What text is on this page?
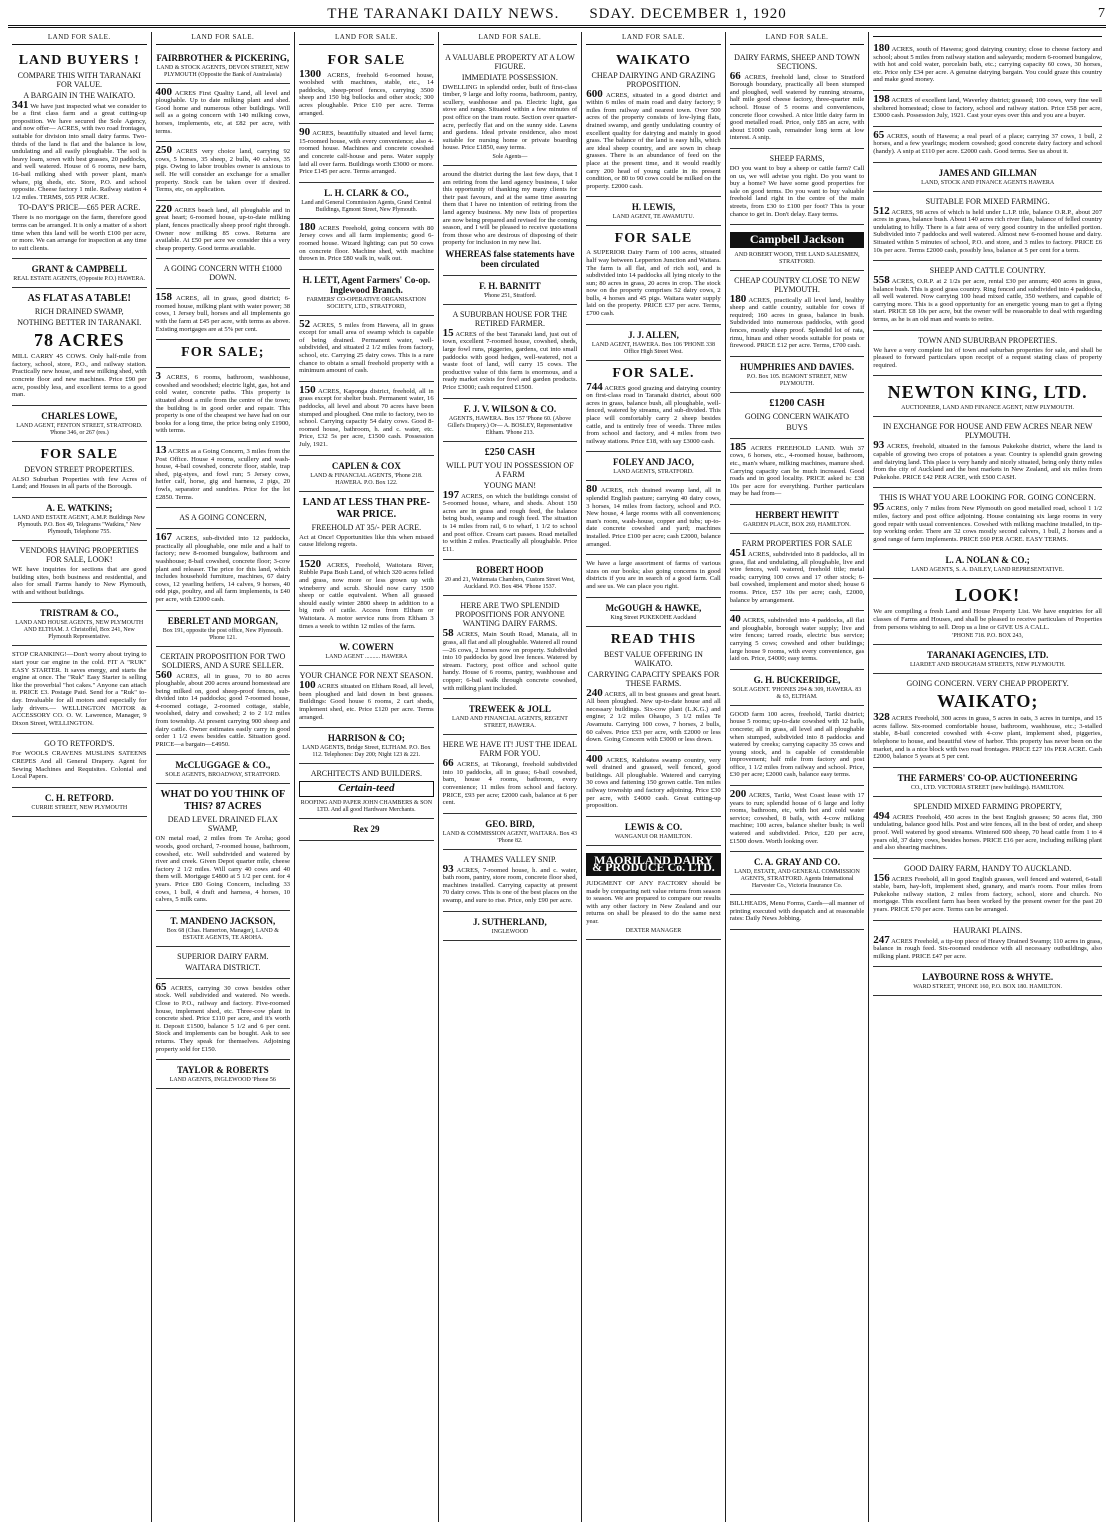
THE TARANAKI DAILY NEWS. SDAY. DECEMBER 1, 1920	7
LAND FOR SALE.
LAND BUYERS !
COMPARE THIS WITH TARANAKI FOR VALUE.
A BARGAIN IN THE WAIKATO.

341 We have just inspected what we consider to be a first class farm and a great cutting-up proposition. We have secured the Sole Agency, and now offer— ACRES, with two road frontages, suitable for division into small dairy farms. Two-thirds of the land is flat and the balance is low, undulating and all easily ploughable. The soil is heavy loam, sown with best grasses, 20 paddocks, and well watered. House of 6 rooms, new barn, 16-bail milking shed with power plant, man's whare, pig sheds, etc. Store, P.O. and school opposite. Cheese factory 1 mile. Railway station 4 1/2 miles. TERMS, £65 PER ACRE.

TO-DAY'S PRICE—£65 PER ACRE.

There is no mortgage on the farm, therefore good terms can be arranged. It is only a matter of a short time when this land will be worth £100 per acre, or more. We can arrange for inspection at any time to suit clients.

GRANT & CAMPBELL
REAL ESTATE AGENTS, (Opposite P.O.) HAWERA.
AS FLAT AS A TABLE!
RICH DRAINED SWAMP,
NOTHING BETTER IN TARANAKI.
78 ACRES

MILL CARRY 45 COWS. Only half-mile from factory, school, store, P.O., and railway station. Practically new house, and new milking shed, with concrete floor and new machines. Price £90 per acre, possibly less, and excellent terms to a good man.

CHARLES LOWE,
LAND AGENT, FENTON STREET, STRATFORD. 'Phone 346, or 267 (res.)
FOR SALE
DEVON STREET PROPERTIES.

ALSO Suburban Properties with few Acres of Land; and Houses in all parts of the Borough.

A. E. WATKINS;
LAND AND ESTATE AGENT, A.M.P. Buildings New Plymouth. P.O. Box 49, Telegrams "Watkins," New Plymouth, Telephone 755.
VENDORS HAVING PROPERTIES FOR SALE, LOOK!

WE have inquiries for sections that are good building sites, both business and residential, and also for small Farms handy to New Plymouth, with and without buildings.

TRISTRAM & CO.,
LAND AND HOUSE AGENTS, NEW PLYMOUTH AND ELTHAM. J. Christoffel, Box 241, New Plymouth Representative.

STOP CRANKING!—Don't worry about trying to start your car engine in the cold. FIT A "RUK" EASY STARTER. It saves energy, and starts the engine at once. The "Ruk" Easy Starter is selling like the proverbial "hot cakes." Anyone can attach it. PRICE £3. Postage Paid. Send for a "Ruk" to-day. Invaluable for all motors and especially for lady drivers.— WELLINGTON MOTOR & ACCESSORY CO. O. W. Lawrence, Manager, 9 Dixon Street, WELLINGTON.

GO TO RETFORD'S.

For WOOLS CRAVENS MUSLINS SATEENS CREPES And all General Drapery. Agent for Sewing Machines and Requisites. Colonial and Local Papers.

C. H. RETFORD.
CURRIE STREET, NEW PLYMOUTH
LAND FOR SALE.
FAIRBROTHER & PICKERING,
LAND & STOCK AGENTS, DEVON STREET, NEW PLYMOUTH (Opposite the Bank of Australasia)

400 ACRES First Quality Land, all level and ploughable. Up to date milking plant and shed. Good home and numerous other buildings. Will sell as a going concern with 140 milking cows, horses, implements, etc, at £82 per acre, with terms.

250 ACRES very choice land, carrying 92 cows, 5 horses, 35 sheep, 2 bulls, 40 calves, 35 pigs. Owing to labor troubles owner is anxious to sell. He will consider an exchange for a smaller property. Stock can be taken over if desired. Terms, etc, on application.

220 ACRES beach land, all ploughable and in great heart; 6-roomed house, up-to-date milking plant, fences practically sheep proof right through. Owner now milking 85 cows. Returns are available. At £50 per acre we consider this a very cheap property. Good terms available.

A GOING CONCERN WITH £1000 DOWN.

158 ACRES, all in grass, good district; 6-roomed house, milking plant with water power; 38 cows, 1 Jersey bull, horses and all implements go with the farm at £45 per acre, with terms as above. Existing mortgages are at 5% per cent.

FOR SALE;

3 ACRES, 6 rooms, bathroom, washhouse, cowshed and woodshed; electric light, gas, hot and cold water, concrete paths. This property is situated about a mile from the centre of the town; the building is in good order and repair. This property is one of the cheapest we have had on our books for a long time, the price being only £1900, with terms.

13 ACRES as a Going Concern, 3 miles from the Post Office. House 4 rooms, scullery and wash-house, 4-bail cowshed, concrete floor, stable, trap shed, pig-styes, and fowl run; 5 Jersey cows, heifer calf, horse, gig and harness, 2 pigs, 20 fowls, separator and sundries. Price for the lot £2850. Terms.

AS A GOING CONCERN,

167 ACRES, sub-divided into 12 paddocks, practically all ploughable, one mile and a half to factory; new 8-roomed bungalow, bathroom and washhouse; 8-bail cowshed, concrete floor; 3-cow plant and releaser. The price for this land, which includes household furniture, machines, 67 dairy cows, 12 yearling heifers, 14 calves, 9 horses, 40 odd pigs, poultry, and all farm implements, is £40 per acre, with £2000 cash.

EBERLET AND MORGAN,
Box 191, opposite the post office, New Plymouth. 'Phone 121.
CERTAIN PROPOSITION FOR TWO SOLDIERS, AND A SURE SELLER.

560 ACRES, all in grass, 70 to 80 acres ploughable, about 200 acres around homestead are being milked on, good sheep-proof fences, sub-divided into 14 paddocks; good 7-roomed house, 4-roomed cottage, 2-roomed cottage, stable, woolshed, dairy and cowshed; 2 to 2 1/2 miles from township. At present carrying 900 sheep and dairy cattle. Owner estimates easily carry in good order 1 1/2 ewes besides cattle. Situation good. PRICE—a bargain—£4950.

McCLUGGAGE & CO.,
SOLE AGENTS, BROADWAY, STRATFORD.
WHAT DO YOU THINK OF THIS? 87 ACRES
DEAD LEVEL DRAINED FLAX SWAMP,

ON metal road, 2 miles from Te Aroha; good woods, good orchard, 7-roomed house, bathroom, cowshed, etc. Well subdivided and watered by river and creek. Given Depot quarter mile, cheese factory 2 1/2 miles. Will carry 40 cows and 40 them will. Mortgage £4800 at 5 1/2 per cent. for 4 years. Price £80 Going Concern, including 33 cows, 1 bull, 4 draft and harness, 4 horses, 10 calves, 5 milk cans.

T. MANDENO JACKSON,
Box 68 (Chas. Hamerton, Manager), LAND & ESTATE AGENTS, TE AROHA.
SUPERIOR DAIRY FARM.
WAITARA DISTRICT.

65 ACRES, carrying 30 cows besides other stock. Well subdivided and watered. No weeds. Close to P.O., railway and factory. Five-roomed house, implement shed, etc. Three-cow plant in concrete shed. Price £110 per acre, and it's worth it. Deposit £1500, balance 5 1/2 and 6 per cent. Stock and implements can be bought. Ask to see returns. They speak for themselves. Adjoining property sold for £150.

TAYLOR & ROBERTS
LAND AGENTS, INGLEWOOD 'Phone 56
LAND FOR SALE.
FOR SALE

1300 ACRES, freehold 6-roomed house, woolshed with machines, stable, etc., 14 paddocks, sheep-proof fences, carrying 3500 sheep and 150 big bullocks and other stock; 300 acres ploughable. Price £10 per acre. Terms arranged.

90 ACRES, beautifully situated and level farm; 15-roomed house, with every convenience; also 4-roomed house. Machines and concrete cowshed and concrete calf-house and pens. Water supply laid all over farm. Buildings worth £3000 or more. Price £145 per acre. Terms arranged.

L. H. CLARK & CO.,
Land and General Commission Agents, Grand Central Buildings, Egmont Street, New Plymouth.

180 ACRES Freehold, going concern with 80 Jersey cows and all farm implements; good 6-roomed house. Wizard lighting; can put 50 cows on concrete floor. Machine shed, with machine thrown in. Price £80 walk in, walk out.

H. LETT, Agent Farmers' Co-op. Inglewood Branch.
FARMERS' CO-OPERATIVE ORGANISATION SOCIETY, LTD., STRATFORD,

52 ACRES, 5 miles from Hawera, all in grass except for small area of swamp which is capable of being drained. Permanent water, well-subdivided, and situated 2 1/2 miles from factory, school, etc. Carrying 25 dairy cows. This is a rare chance to obtain a small freehold property with a minimum amount of cash.

150 ACRES, Kaponga district, freehold, all in grass except for shelter bush. Permanent water, 16 paddocks, all level and about 70 acres have been stumped and ploughed. One mile to factory, two to school. Carrying capacity 54 dairy cows. Good 8-roomed house, bathroom, h. and c. water, etc. Price, £32 5s per acre, £1500 cash. Possession July, 1921.

CAPLEN & COX
LAND & FINANCIAL AGENTS, 'Phone 218. HAWERA. P.O. Box 122.
LAND AT LESS THAN PRE-WAR PRICE.
FREEHOLD AT 35/- PER ACRE.

Act at Once! Opportunities like this when missed cause lifelong regrets.

1520 ACRES, Freehold, Waitotara River, Rubble Papa Bush Land, of which 320 acres felled and grass, now more or less grown up with wineberry and scrub. Should now carry 1500 sheep or cattle equivalent. When all grassed should easily winter 2800 sheep in addition to a big mob of cattle. Access from Eltham or Waitotara. A motor service runs from Eltham 3 times a week to within 12 miles of the farm.

W. COWERN
LAND AGENT .......... HAWERA
YOUR CHANCE FOR NEXT SEASON.

100 ACRES situated on Eltham Road, all level, been ploughed and laid down in best grasses. Buildings: Good house 6 rooms, 2 cart sheds, implement shed, etc. Price £120 per acre. Terms arranged.

HARRISON & CO;
LAND AGENTS, Bridge Street, ELTHAM. P.O. Box 112. Telephones: Day 200; Night 123 & 221.
ARCHITECTS AND BUILDERS.
Certain-teed
ROOFING AND PAPER JOHN CHAMBERS & SON LTD. And all good Hardware Merchants.
Rex 29
LAND FOR SALE.
A VALUABLE PROPERTY AT A LOW FIGURE.
IMMEDIATE POSSESSION.

DWELLING in splendid order, built of first-class timber, 9 large and lofty rooms, bathroom, pantry, scullery, washhouse and pa. Electric light, gas stove and range. Situated within a few minutes of post office on the tram route. Section over quarter-acre, perfectly flat and on the sunny side. Lawns and gardens. Ideal private residence, also most suitable for nursing home or private boarding house. Price £1850, easy terms.

Sole Agents—

around the district during the last few days, that I am retiring from the land agency business, I take this opportunity of thanking my many clients for their past favours, and at the same time assuring them that I have no intention of retiring from the land agency business. My new lists of properties are now being prepared and revised for the coming season, and I will be pleased to receive quotations from those who are desirous of disposing of their property for inclusion in my new list.

WHEREAS false statements have been circulated
F. H. BARNITT
'Phone 251, Stratford.
A SUBURBAN HOUSE FOR THE RETIRED FARMER.

15 ACRES of the best Taranaki land, just out of town, excellent 7-roomed house, cowshed, sheds, large fowl runs, piggeries, gardens, cut into small paddocks with good hedges, well-watered, not a waste foot of land, will carry 15 cows. The productive value of this farm is enormous, and a ready market exists for fowl and garden products. Price £3000; cash required £1500.

F. J. V. WILSON & CO.
AGENTS, HAWERA. Box 157 'Phone 60. (Above Gillet's Drapery.) Or— A. BOSLEY, Representative Eltham. 'Phone 213.
£250 CASH
WILL PUT YOU IN POSSESSION OF A FARM
YOUNG MAN!

197 ACRES, on which the buildings consist of 5-roomed house, whare, and sheds. About 150 acres are in grass and rough feed, the balance being bush, swamp and rough feed. The situation is 14 miles from rail, 6 to wharf, 1 1/2 to school and post office. Cream cart passes. Road metalled to within 2 miles. Practically all ploughable. Price £11.

ROBERT HOOD
20 and 21, Waitemata Chambers, Custom Street West, Auckland. P.O. Box 484. 'Phone 1537.
HERE ARE TWO SPLENDID PROPOSITIONS FOR ANYONE WANTING DAIRY FARMS.

58 ACRES, Main South Road, Manaia, all in grass, all flat and all ploughable. Watered all round—26 cows, 2 horses now on property. Subdivided into 10 paddocks by good live fences. Watered by stream. Factory, post office and school quite handy. House of 6 rooms, pantry, washhouse and copper; 6-bail walk through concrete cowshed, with milking plant included.

TREWEEK & JOLL
LAND AND FINANCIAL AGENTS, REGENT STREET, HAWERA.
HERE WE HAVE IT! JUST THE IDEAL FARM FOR YOU.

66 ACRES, at Tikorangi, freehold subdivided into 10 paddocks, all in grass; 6-bail cowshed, barn, house 4 rooms, bathroom, every convenience; 11 miles from school and factory. PRICE, £93 per acre; £2000 cash, balance at 6 per cent.

GEO. BIRD,
LAND & COMMISSION AGENT, WAITARA. Box 43 'Phone 82.
A THAMES VALLEY SNIP.

93 ACRES, 7-roomed house, h. and c. water, bath room, pantry, store room, concrete floor shed, machines installed. Carrying capacity at present 70 dairy cows. This is one of the best places on the swamp, and sure to rise. Price, only £90 per acre.

J. SUTHERLAND,
INGLEWOOD
LAND FOR SALE.
WAIKATO
CHEAP DAIRYING AND GRAZING PROPOSITION.

600 ACRES, situated in a good district and within 6 miles of main road and dairy factory; 9 miles from railway and nearest town. Over 500 acres of the property consists of low-lying flats, drained swamp, and gently undulating country of excellent quality for dairying and mainly in good grass. The balance of the land is easy hills, which are ideal sheep country, and are sown in cheap grasses. There is an abundance of feed on the place at the present time, and it would readily carry 200 head of young cattle in its present condition, or 80 to 90 cows could be milked on the property. £2000 cash.

H. LEWIS,
LAND AGENT, TE AWAMUTU.
FOR SALE

A SUPERIOR Dairy Farm of 100 acres, situated half way between Lepperton Junction and Waitara. The farm is all flat, and of rich soil, and is subdivided into 14 paddocks all lying nicely to the sun; 80 acres in grass, 20 acres in crop. The stock now on the property comprises 52 dairy cows, 2 bulls, 4 horses and 45 pigs. Waitara water supply laid on the property. PRICE £37 per acre. Terms, £700 cash.

J. J. ALLEN,
LAND AGENT, HAWERA. Box 106 'PHONE 338 Office High Street West.
FOR SALE.

744 ACRES good grazing and dairying country on first-class road in Taranaki district, about 600 acres in grass, balance bush, all ploughable, well-fenced, watered by streams, and sub-divided. This place will comfortably carry 2 sheep besides cattle, and is entirely free of weeds. Three miles from school and factory, and 4 miles from two railway stations. Price £18, with say £3000 cash.

FOLEY AND JACO,
LAND AGENTS, STRATFORD.

80 ACRES, rich drained swamp land, all in splendid English pasture; carrying 40 dairy cows, 3 horses, 14 miles from factory, school and P.O. New house, 4 large rooms with all conveniences; man's room, wash-house, copper and tubs; up-to-date concrete cowshed and yard; machines installed. Price £100 per acre; cash £2000, balance arranged.

We have a large assortment of farms of various sizes on our books; also going concerns in good districts if you are in search of a good farm. Call and see us. We can place you right.

McGOUGH & HAWKE,
King Street PUKEKOHE Auckland
READ THIS
BEST VALUE OFFERING IN WAIKATO.
CARRYING CAPACITY SPEAKS FOR THESE FARMS.

240 ACRES, all in best grasses and great heart. All been ploughed. New up-to-date house and all necessary buildings. Six-cow plant (L.K.G.) and engine; 2 1/2 miles Ohaupo, 3 1/2 miles Te Awamutu. Carrying 100 cows, 7 horses, 2 bulls, 60 calves. Price £53 per acre, with £2000 or less down. Going Concern with £3000 or less down.

400 ACRES, Kahikatea swamp country, very well drained and grassed, well fenced, good buildings. All ploughable. Watered and carrying 30 cows and fattening 150 grown cattle. Ten miles railway township and factory adjoining. Price £30 per acre, with £4000 cash. Great cutting-up proposition.

LEWIS & CO.
WANGANUI OR HAMILTON.
MAORILAND DAIRY & PRODUCE Co. LTD.

JUDGMENT OF ANY FACTORY should be made by comparing nett value returns from season to season. We are prepared to compare our results with any other factory in New Zealand and our returns on shall be pleased to do the same next year.

DEXTER MANAGER
LAND FOR SALE.
DAIRY FARMS, SHEEP AND TOWN SECTIONS.

66 ACRES, freehold land, close to Stratford Borough boundary, practically all been stumped and ploughed, well watered by running streams, half mile good cheese factory, three-quarter mile school. House of 5 rooms and conveniences, concrete floor cowshed. A nice little dairy farm in good metalled road. Price, only £85 an acre, with about £1000 cash, remainder long term at low interest. A snip.

SHEEP FARMS,

DO you want to buy a sheep or cattle farm? Call on us, we will advise you right. Do you want to buy a home? We have some good properties for sale on good terms. Do you want to buy valuable freehold land right in the centre of the main streets, from £30 to £100 per foot? This is your chance to get in. Don't delay. Easy terms.

Campbell Jackson
AND ROBERT WOOD, THE LAND SALESMEN, STRATFORD.
CHEAP COUNTRY CLOSE TO NEW PLYMOUTH.

180 ACRES, practically all level land, healthy sheep and cattle country, suitable for cows if required; 160 acres in grass, balance in bush. Subdivided into numerous paddocks, with good fences, mostly sheep proof. Splendid lot of rata, rimu, hinau and other woods suitable for posts or firewood. PRICE £12 per acre. Terms, £700 cash.

HUMPHRIES AND DAVIES.
P.O. Box 105. EGMONT STREET, NEW PLYMOUTH.
£1200 CASH
GOING CONCERN WAIKATO
BUYS

185 ACRES FREEHOLD LAND. With 37 cows, 6 horses, etc., 4-roomed house, bathroom, etc., man's whare, milking machines, manure shed. Carrying capacity can be much increased. Good roads and in good locality. PRICE asked is: £38 10s per acre for everything. Further particulars may be had from—

HERBERT HEWITT
GARDEN PLACE, BOX 269, HAMILTON.
FARM PROPERTIES FOR SALE

451 ACRES, subdivided into 8 paddocks, all in grass, flat and undulating, all ploughable, live and wire fences, well watered, freehold title; metal roads; carrying 100 cows and 17 other stock; 6-bail cowshed, implement and motor shed; house 6 rooms. Price, £57 10s per acre; cash, £2000, balance by arrangement.

40 ACRES, subdivided into 4 paddocks, all flat and ploughable, borough water supply; live and wire fences; tarred roads, electric bus service; carrying 5 cows; cowshed and other buildings; large house 9 rooms, with every convenience, gas laid on. Price, £4000; easy terms.

G. H. BUCKERIDGE,
SOLE AGENT. 'PHONES 294 & 309, HAWERA. 83 & 63, ELTHAM.

GOOD farm 100 acres, freehold, Tariki district; house 5 rooms; up-to-date cowshed with 12 bails, concrete; all in grass, all level and all ploughable when stumped, subdivided into 8 paddocks and watered by creeks; carrying capacity 35 cows and young stock, and is capable of considerable improvement; half mile from factory and post office, 1 1/2 miles from railway and school. Price, £30 per acre; £2000 cash, balance easy terms.

200 ACRES, Tariki, West Coast lease with 17 years to run; splendid house of 6 large and lofty rooms, bathroom, etc, with hot and cold water service; cowshed, 8 bails, with 4-cow milking machine; 100 acres, balance shelter bush; is well watered and subdivided. Price, £20 per acre, £1500 down. Worth looking over.

C. A. GRAY AND CO.
LAND, ESTATE, AND GENERAL COMMISSION AGENTS, STRATFORD. Agents International Harvester Co., Victoria Insurance Co.

BILLHEADS, Menu Forms, Cards—all manner of printing executed with despatch and at reasonable rates: Daily News Jobbing.

180 ACRES, south of Hawera; good dairying country; close to cheese factory and school; about 5 miles from railway station and saleyards; modern 6-roomed bungalow, with hot and cold water, porcelain bath, etc.; carrying capacity 60 cows, 30 horses, etc. Price only £34 per acre. A genuine dairying bargain. You could graze this country and make good money.

198 ACRES of excellent land, Waverley district; grassed; 100 cows, very fine well sheltered homestead; close to factory, school and railway station. Price £58 per acre, £3000 cash. Possession July, 1921. Cast your eyes over this and you are a buyer.

65 ACRES, south of Hawera; a real pearl of a place; carrying 37 cows, 1 bull, 2 horses, and a few yearlings; modern cowshed; good concrete dairy factory and school (handy). A snip at £110 per acre. £2000 cash. Good terms. See us about it.

JAMES AND GILLMAN
LAND, STOCK AND FINANCE AGENTS HAWERA
SUITABLE FOR MIXED FARMING.

512 ACRES, 98 acres of which is held under L.I.P. title, balance O.R.P., about 207 acres in grass, balance bush. About 140 acres rich river flats, balance of felled country undulating to hilly. There is a fair area of very good country in the unfelled portion. Subdivided into 7 paddocks and well watered. Almost new 6-roomed house and dairy. Situated within 5 minutes of school, P.O. and store, and 3 miles to factory. PRICE £6 10s per acre. Terms £2000 cash, possibly less, balance at 5 per cent for a term.

SHEEP AND CATTLE COUNTRY.

558 ACRES, O.R.P. at 2 1/2s per acre, rental £30 per annum; 400 acres in grass, balance bush. This is good grass country. Ring fenced and subdivided into 4 paddocks, all well watered. Now carrying 100 head mixed cattle, 350 wethers, and capable of carrying more. This is a good opportunity for an energetic young man to get a flying start. PRICE £8 10s per acre, but the owner will be reasonable to deal with regarding terms, as he is an old man and wants to retire.

TOWN AND SUBURBAN PROPERTIES.

We have a very complete list of town and suburban properties for sale, and shall be pleased to forward particulars upon receipt of a request stating class of property required.

NEWTON KING, LTD.
AUCTIONEER, LAND AND FINANCE AGENT, NEW PLYMOUTH.
IN EXCHANGE FOR HOUSE AND FEW ACRES NEAR NEW PLYMOUTH.

93 ACRES, freehold, situated in the famous Pukekohe district, where the land is capable of growing two crops of potatoes a year. Country is splendid grain growing and dairying land. This place is very handy and nicely situated, being only thirty miles from the city of Auckland and the best markets in New Zealand, and six miles from Pukekohe. PRICE £42 PER ACRE, with £500 CASH.

THIS IS WHAT YOU ARE LOOKING FOR. GOING CONCERN.

95 ACRES, only 7 miles from New Plymouth on good metalled road, school 1 1/2 miles, factory and post office adjoining. House containing six large rooms in very good repair with usual conveniences. Cowshed with milking machine installed, in tip-top working order. There are 32 cows mostly second calvers, 1 bull, 2 horses and a good range of farm implements. PRICE £60 PER ACRE. EASY TERMS.

L. A. NOLAN & CO.;
LAND AGENTS, S. A. DAILEY, LAND REPRESENTATIVE.
LOOK!

We are compiling a fresh Land and House Property List. We have enquiries for all classes of Farms and Houses, and shall be pleased to receive particulars of Properties from persons wishing to sell. Drop us a line or GIVE US A CALL.

'PHONE 718. P.O. BOX 243,
TARANAKI AGENCIES, LTD.
LIARDET AND BROUGHAM STREETS, NEW PLYMOUTH.
GOING CONCERN. VERY CHEAP PROPERTY.
WAIKATO;

328 ACRES Freehold, 300 acres in grass, 5 acres in oats, 3 acres in turnips, and 15 acres fallow. Six-roomed comfortable house, bathroom, washhouse, etc.; 3-stalled stable, 8-bail concreted cowshed with 4-cow plant, implement shed, piggeries, telephone to house, and beautiful view of harbor. This property has never been on the market, and is a nice block with two road frontages. PRICE £27 10s PER ACRE. Cash £2000, balance 5 years at 5 per cent.

THE FARMERS' CO-OP. AUCTIONEERING
CO., LTD. VICTORIA STREET (new buildings). HAMILTON.
SPLENDID MIXED FARMING PROPERTY,

494 ACRES Freehold, 450 acres in the best English grasses; 50 acres flat, 390 undulating, balance good hills. Post and wire fences, all in the best of order, and sheep proof. Well watered by good streams. Wintered 600 sheep, 70 head cattle from 1 to 4 years old, 37 dairy cows, besides horses. PRICE £16 per acre, including milking plant and also shearing machines.

GOOD DAIRY FARM, HANDY TO AUCKLAND.

156 ACRES Freehold, all in good English grasses, well fenced and watered, 6-stall stable, barn, hay-loft, implement shed, granary, and man's room. Four miles from Pukekohe railway station, 2 miles from factory, school, store and church. No mortgage. This excellent farm has been worked by the present owner for the past 20 years. PRICE £70 per acre. Terms can be arranged.

HAURAKI PLAINS.

247 ACRES Freehold, a tip-top piece of Heavy Drained Swamp; 110 acres in grass, balance in rough feed. Six-roomed residence with all necessary outbuildings, also milking plant. PRICE £47 per acre.

LAYBOURNE ROSS & WHYTE.
WARD STREET, 'PHONE 160, P.O. BOX 180. HAMILTON.
